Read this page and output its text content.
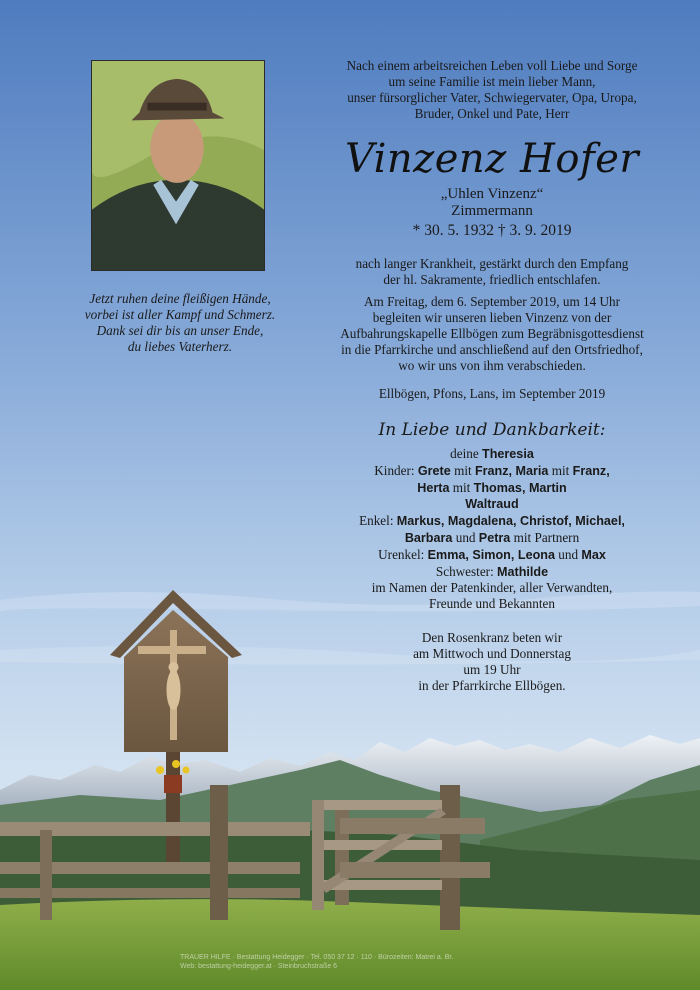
Jetzt ruhen deine fleißigen Hände,
vorbei ist aller Kampf und Schmerz.
Dank sei dir bis an unser Ende,
du liebes Vaterherz.
Nach einem arbeitsreichen Leben voll Liebe und Sorge
um seine Familie ist mein lieber Mann,
unser fürsorglicher Vater, Schwiegervater, Opa, Uropa,
Bruder, Onkel und Pate, Herr
Vinzenz Hofer
„Uhlen Vinzenz“
Zimmermann
* 30. 5. 1932 † 3. 9. 2019
nach langer Krankheit, gestärkt durch den Empfang
der hl. Sakramente, friedlich entschlafen.
Am Freitag, dem 6. September 2019, um 14 Uhr
begleiten wir unseren lieben Vinzenz von der
Aufbahrungskapelle Ellbögen zum Begräbnisgottesdienst
in die Pfarrkirche und anschließend auf den Ortsfriedhof,
wo wir uns von ihm verabschieden.
Ellbögen, Pfons, Lans, im September 2019
In Liebe und Dankbarkeit:
deine Theresia
Kinder: Grete mit Franz, Maria mit Franz,
Herta mit Thomas, Martin
Waltraud
Enkel: Markus, Magdalena, Christof, Michael,
Barbara und Petra mit Partnern
Urenkel: Emma, Simon, Leona und Max
Schwester: Mathilde
im Namen der Patenkinder, aller Verwandten,
Freunde und Bekannten
Den Rosenkranz beten wir
am Mittwoch und Donnerstag
um 19 Uhr
in der Pfarrkirche Ellbögen.
TRAUER HILFE · Bestattung Heidegger · Tel. 050 37 12 · 110 · Bürozeiten: Matrei a. Br.
Web: bestattung-heidegger.at · Steinbruchstraße 6
